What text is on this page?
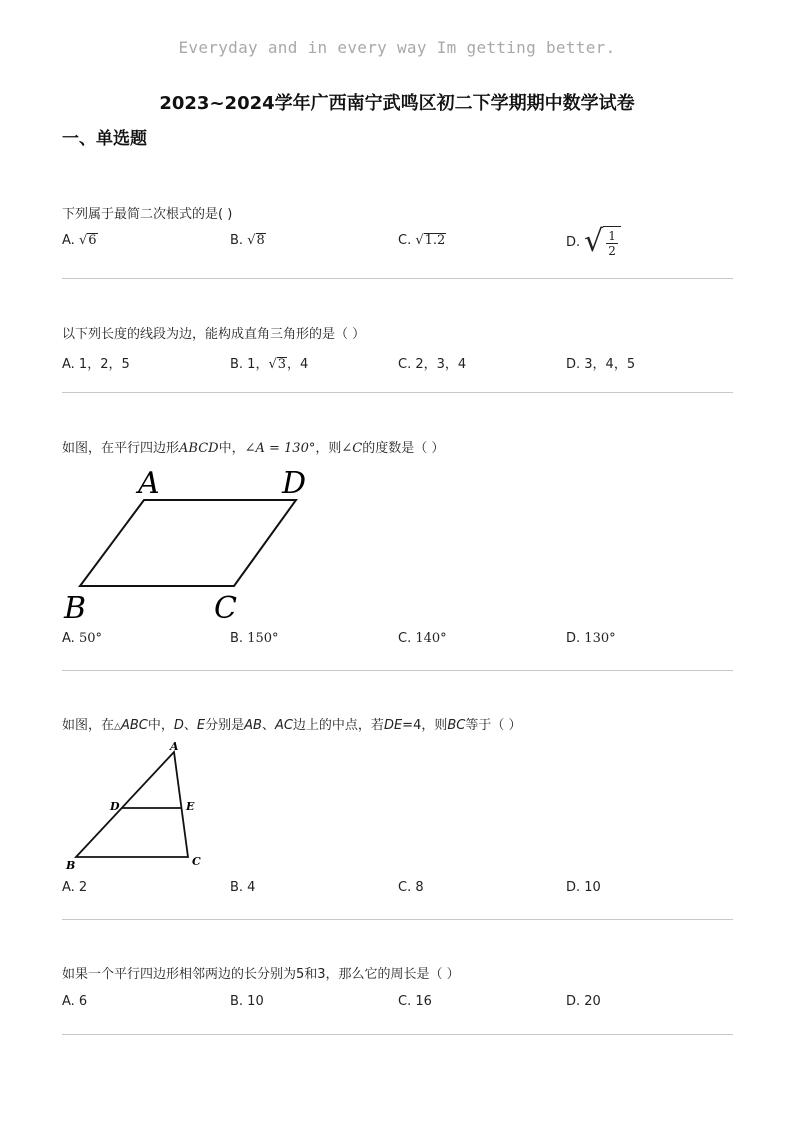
Everyday and in every way Im getting better.
2023~2024学年广西南宁武鸣区初二下学期期中数学试卷
一、单选题
下列属于最简二次根式的是( )
A. √6	B. √8	C. √1.2	D. √ $\frac{1}{2}$
以下列长度的线段为边，能构成直角三角形的是（ ）
A. 1，2，5	B. 1，√3，4	C. 2，3，4	D. 3，4，5
如图，在平行四边形ABCD中，∠A = 130°，则∠C的度数是（ ）
A	D
B	C
A. 50°	B. 150°	C. 140°	D. 130°
如图，在△ABC中，D、E分别是AB、AC边上的中点，若DE=4，则BC等于（ ）
A
D	E
B	C
A. 2	B. 4	C. 8	D. 10
如果一个平行四边形相邻两边的长分别为5和3，那么它的周长是（ ）
A. 6	B. 10	C. 16	D. 20
